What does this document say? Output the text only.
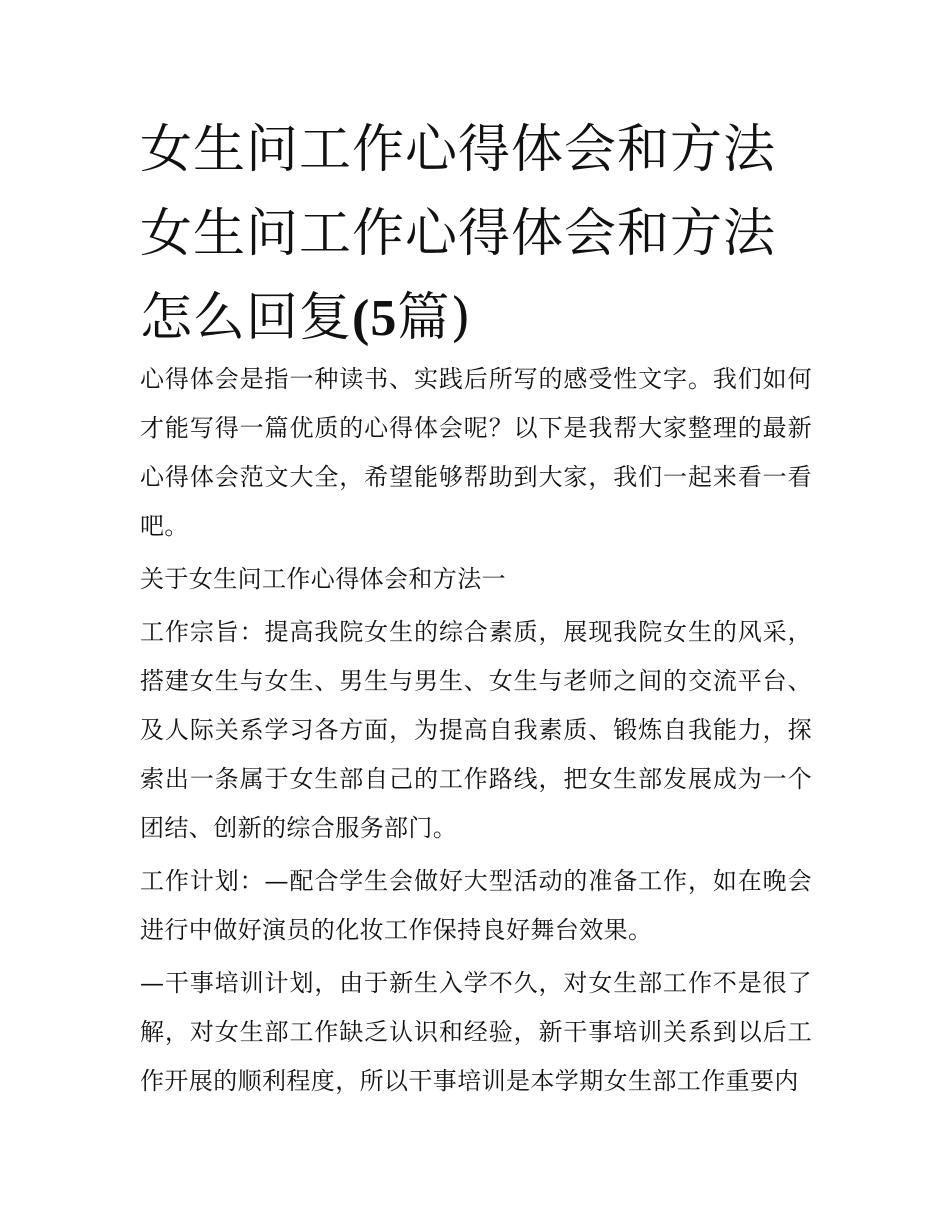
女生问工作心得体会和方法 女生问工作心得体会和方法怎么回复(5篇)

心得体会是指一种读书、实践后所写的感受性文字。我们如何才能写得一篇优质的心得体会呢？以下是我帮大家整理的最新心得体会范文大全，希望能够帮助到大家，我们一起来看一看吧。

关于女生问工作心得体会和方法一

工作宗旨：提高我院女生的综合素质，展现我院女生的风采，搭建女生与女生、男生与男生、女生与老师之间的交流平台、及人际关系学习各方面，为提高自我素质、锻炼自我能力，探索出一条属于女生部自己的工作路线，把女生部发展成为一个团结、创新的综合服务部门。

工作计划：—配合学生会做好大型活动的准备工作，如在晚会进行中做好演员的化妆工作保持良好舞台效果。

—干事培训计划，由于新生入学不久，对女生部工作不是很了解，对女生部工作缺乏认识和经验，新干事培训关系到以后工作开展的顺利程度，所以干事培训是本学期女生部工作重要内
